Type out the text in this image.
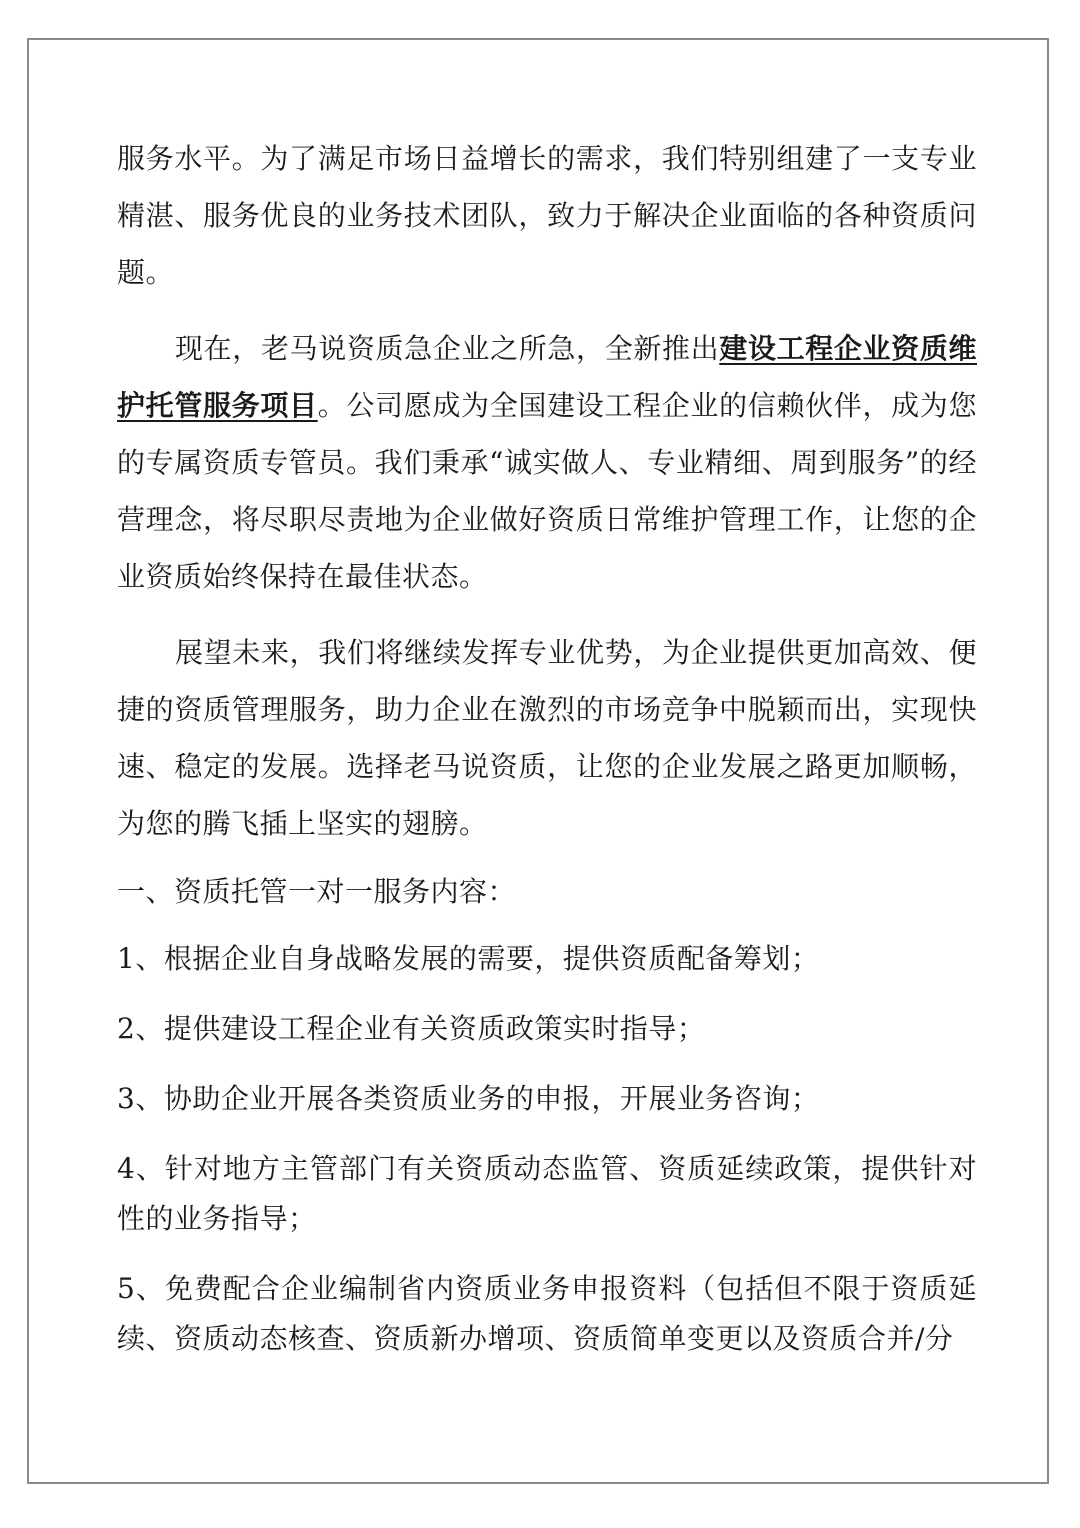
服务水平。为了满足市场日益增长的需求，我们特别组建了一支专业精湛、服务优良的业务技术团队，致力于解决企业面临的各种资质问题。

现在，老马说资质急企业之所急，全新推出建设工程企业资质维护托管服务项目。公司愿成为全国建设工程企业的信赖伙伴，成为您的专属资质专管员。我们秉承“诚实做人、专业精细、周到服务”的经营理念，将尽职尽责地为企业做好资质日常维护管理工作，让您的企业资质始终保持在最佳状态。

展望未来，我们将继续发挥专业优势，为企业提供更加高效、便捷的资质管理服务，助力企业在激烈的市场竞争中脱颖而出，实现快速、稳定的发展。选择老马说资质，让您的企业发展之路更加顺畅，为您的腾飞插上坚实的翅膀。

一、资质托管一对一服务内容：

1、根据企业自身战略发展的需要，提供资质配备筹划；

2、提供建设工程企业有关资质政策实时指导；

3、协助企业开展各类资质业务的申报，开展业务咨询；

4、针对地方主管部门有关资质动态监管、资质延续政策，提供针对性的业务指导；

5、免费配合企业编制省内资质业务申报资料（包括但不限于资质延续、资质动态核查、资质新办增项、资质简单变更以及资质合并/分
